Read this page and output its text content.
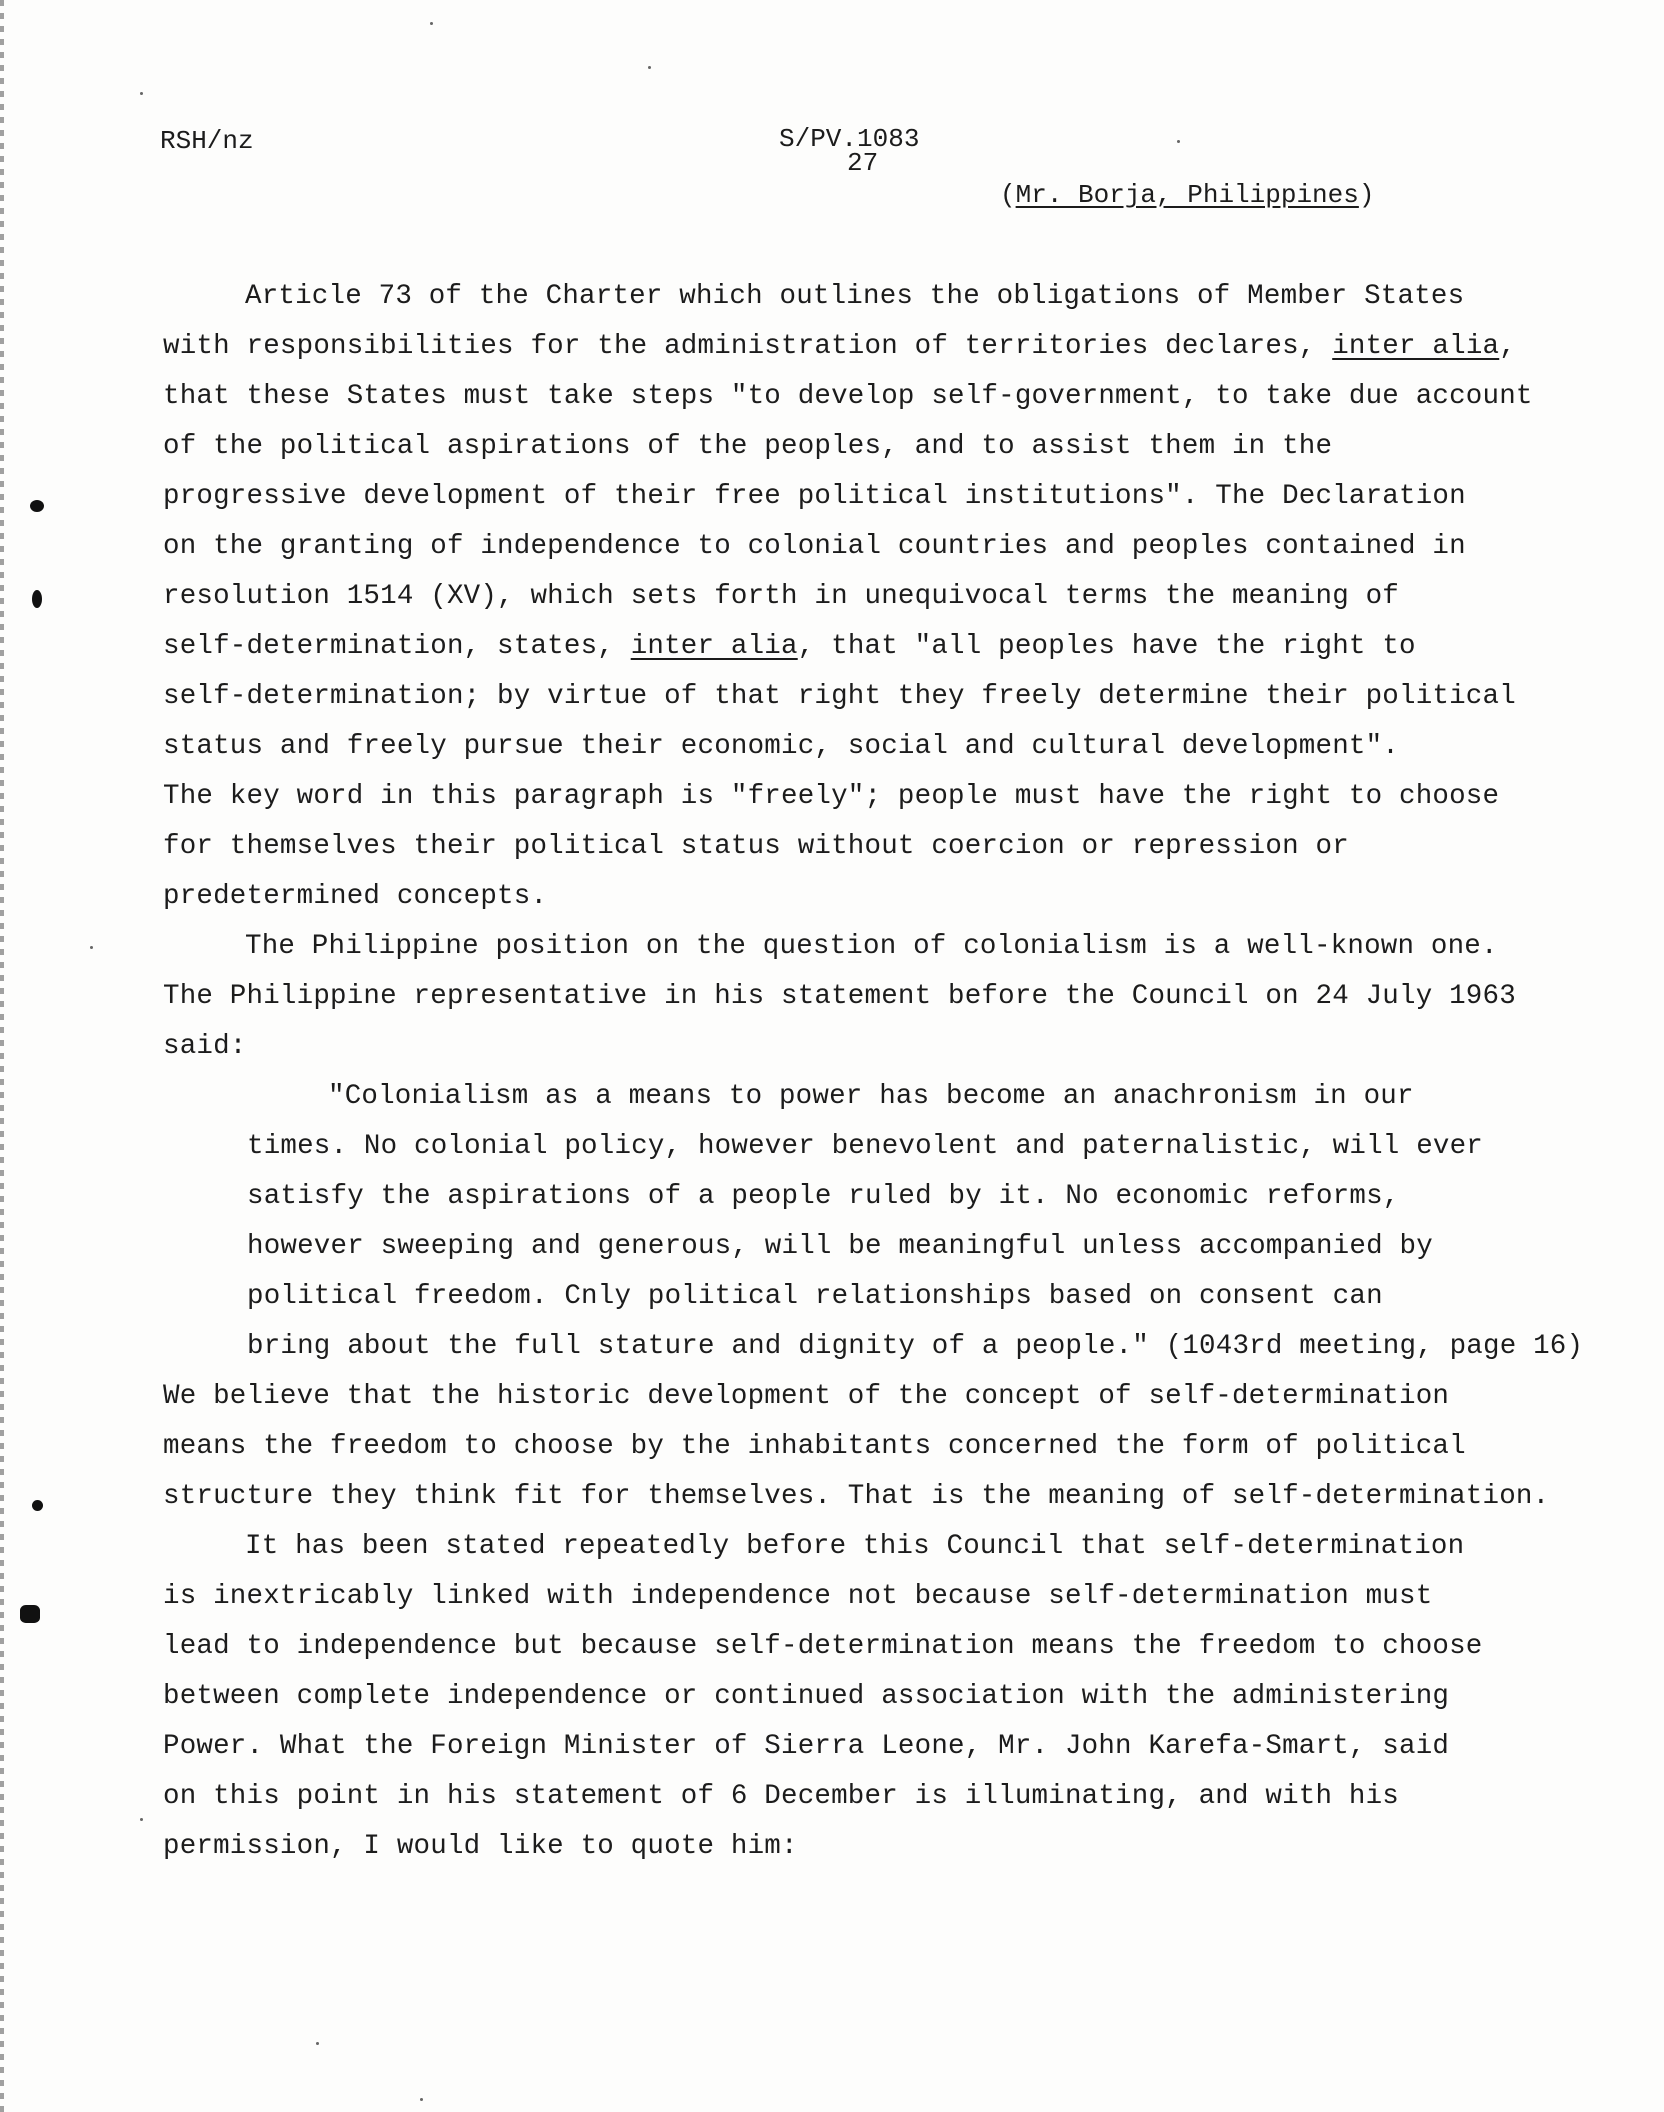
RSH/nz	S/PV.1083
27
(Mr. Borja, Philippines)
Article 73 of the Charter which outlines the obligations of Member States
with responsibilities for the administration of territories declares, inter alia,
that these States must take steps "to develop self-government, to take due account
of the political aspirations of the peoples, and to assist them in the
progressive development of their free political institutions". The Declaration
on the granting of independence to colonial countries and peoples contained in
resolution 1514 (XV), which sets forth in unequivocal terms the meaning of
self-determination, states, inter alia, that "all peoples have the right to
self-determination; by virtue of that right they freely determine their political
status and freely pursue their economic, social and cultural development".
The key word in this paragraph is "freely"; people must have the right to choose
for themselves their political status without coercion or repression or
predetermined concepts.
The Philippine position on the question of colonialism is a well-known one.
The Philippine representative in his statement before the Council on 24 July 1963
said:
"Colonialism as a means to power has become an anachronism in our
times. No colonial policy, however benevolent and paternalistic, will ever
satisfy the aspirations of a people ruled by it. No economic reforms,
however sweeping and generous, will be meaningful unless accompanied by
political freedom. Cnly political relationships based on consent can
bring about the full stature and dignity of a people." (1043rd meeting, page 16)
We believe that the historic development of the concept of self-determination
means the freedom to choose by the inhabitants concerned the form of political
structure they think fit for themselves. That is the meaning of self-determination.
It has been stated repeatedly before this Council that self-determination
is inextricably linked with independence not because self-determination must
lead to independence but because self-determination means the freedom to choose
between complete independence or continued association with the administering
Power. What the Foreign Minister of Sierra Leone, Mr. John Karefa-Smart, said
on this point in his statement of 6 December is illuminating, and with his
permission, I would like to quote him:
